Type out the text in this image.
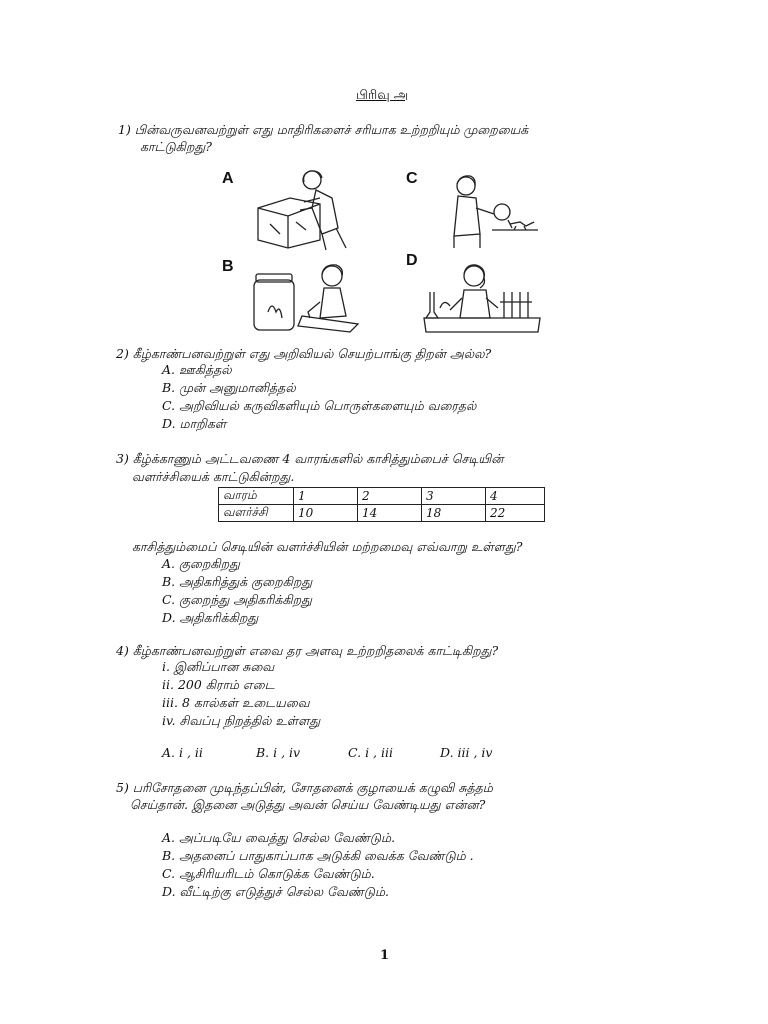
பிரிவு அ
1) பின்வருவனவற்றுள் எது மாதிரிகளைச் சரியாக உற்றறியும் முறையைக்
காட்டுகிறது?
A
B
C
D
2) கீழ்காண்பனவற்றுள் எது அறிவியல் செயற்பாங்கு திறன் அல்ல?
A. ஊகித்தல்
B. முன் அனுமானித்தல்
C. அறிவியல் கருவிகளியும் பொருள்களையும் வரைதல்
D. மாறிகள்
3) கீழ்க்காணும் அட்டவணை 4 வாரங்களில் காசித்தும்பைச் செடியின்
வளர்ச்சியைக் காட்டுகின்றது.
வாரம்	1	2	3	4
வளர்ச்சி	10	14	18	22
காசித்தும்மைப் செடியின் வளர்ச்சியின் மற்றமைவு எவ்வாறு உள்ளது?
A. குறைகிறது
B. அதிகரித்துக் குறைகிறது
C. குறைந்து அதிகரிக்கிறது
D. அதிகரிக்கிறது
4) கீழ்காண்பனவற்றுள் எவை தர அளவு உற்றறிதலைக் காட்டிகிறது?
i. இனிப்பான சுவை
ii. 200 கிராம் எடை
iii. 8 கால்கள் உடையவை
iv. சிவப்பு நிறத்தில் உள்ளது
A. i , ii	B. i , iv	C. i , iii	D. iii , iv
5) பரிசோதனை முடிந்தப்பின், சோதனைக் குழாயைக் கழுவி சுத்தம்
செய்தான். இதனை அடுத்து அவன் செய்ய வேண்டியது என்ன?
A. அப்படியே வைத்து செல்ல வேண்டும்.
B. அதனைப் பாதுகாப்பாக அடுக்கி வைக்க வேண்டும் .
C. ஆசிரியரிடம் கொடுக்க வேண்டும்.
D. வீட்டிற்கு எடுத்துச் செல்ல வேண்டும்.
1
